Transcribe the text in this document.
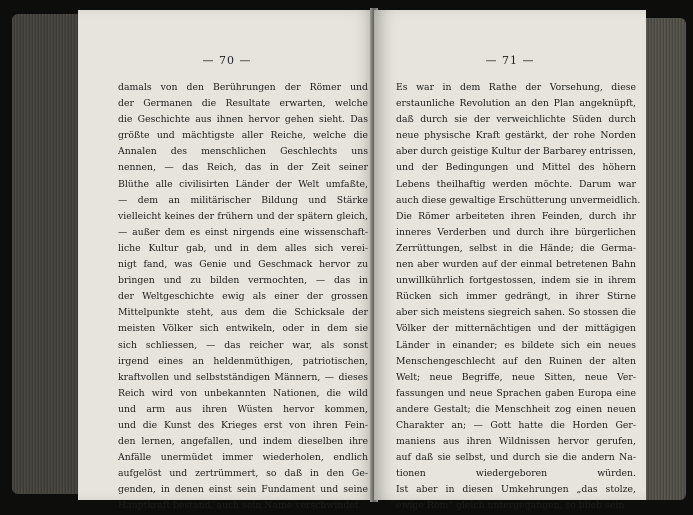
— 70 —
damals von den Berührungen der Römer und
der Germanen die Resultate erwarten, welche
die Geschichte aus ihnen hervor gehen sieht. Das
größte und mächtigste aller Reiche, welche die
Annalen des menschlichen Geschlechts uns
nennen, — das Reich, das in der Zeit seiner
Blüthe alle civilisirten Länder der Welt umfaßte,
— dem an militärischer Bildung und Stärke
vielleicht keines der frühern und der spätern gleich,
— außer dem es einst nirgends eine wissenschaft-
liche Kultur gab, und in dem alles sich verei-
nigt fand, was Genie und Geschmack hervor zu
bringen und zu bilden vermochten, — das in
der Weltgeschichte ewig als einer der grossen
Mittelpunkte steht, aus dem die Schicksale der
meisten Völker sich entwikeln, oder in dem sie
sich schliessen, — das reicher war, als sonst
irgend eines an heldenmüthigen, patriotischen,
kraftvollen und selbstständigen Männern, — dieses
Reich wird von unbekannten Nationen, die wild
und arm aus ihren Wüsten hervor kommen,
und die Kunst des Krieges erst von ihren Fein-
den lernen, angefallen, und indem dieselben ihre
Anfälle unermüdet immer wiederholen, endlich
aufgelöst und zertrümmert, so daß in den Ge-
genden, in denen einst sein Fundament und seine
Hauptkraft bestand, auch sein Name verschwindet.
— 71 —
Es war in dem Rathe der Vorsehung, diese
erstaunliche Revolution an den Plan angeknüpft,
daß durch sie der verweichlichte Süden durch
neue physische Kraft gestärkt, der rohe Norden
aber durch geistige Kultur der Barbarey entrissen,
und der Bedingungen und Mittel des höhern
Lebens theilhaftig werden möchte. Darum war
auch diese gewaltige Erschütterung unvermeidlich.
Die Römer arbeiteten ihren Feinden, durch ihr
inneres Verderben und durch ihre bürgerlichen
Zerrüttungen, selbst in die Hände; die Germa-
nen aber wurden auf der einmal betretenen Bahn
unwillkührlich fortgestossen, indem sie in ihrem
Rücken sich immer gedrängt, in ihrer Stirne
aber sich meistens siegreich sahen. So stossen die
Völker der mitternächtigen und der mittägigen
Länder in einander; es bildete sich ein neues
Menschengeschlecht auf den Ruinen der alten
Welt; neue Begriffe, neue Sitten, neue Ver-
fassungen und neue Sprachen gaben Europa eine
andere Gestalt; die Menschheit zog einen neuen
Charakter an; — Gott hatte die Horden Ger-
maniens aus ihren Wildnissen hervor gerufen,
auf daß sie selbst, und durch sie die andern Na-
tionen wiedergeboren würden.
Ist aber in diesen Umkehrungen „das stolze,
ewige Rom“ gleich untergegangen, so blieb sein
